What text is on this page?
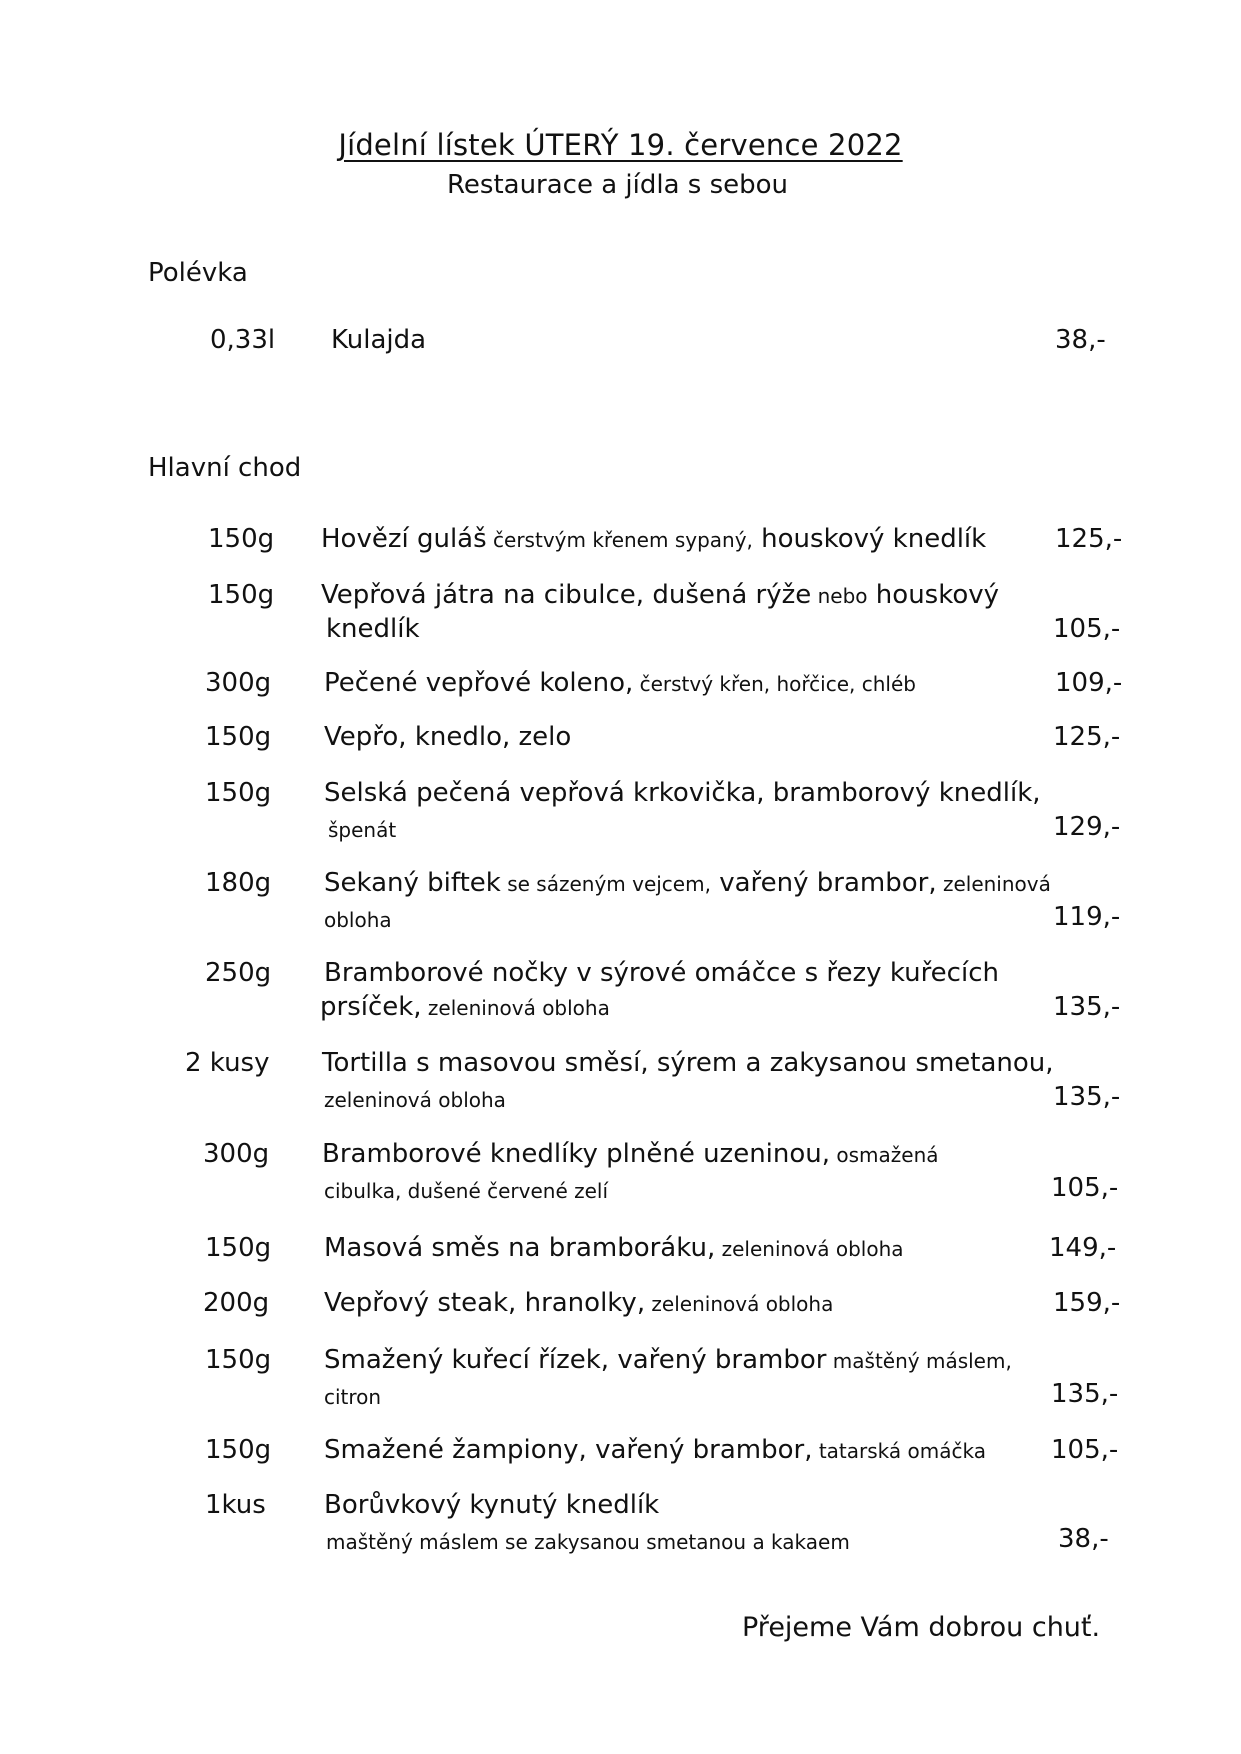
Jídelní lístek ÚTERÝ 19. července 2022
Restaurace a jídla s sebou
Polévka
0,33l Kulajda	38,-
Hlavní chod
150g Hovězí guláš čerstvým křenem sypaný, houskový knedlík	125,-
150g Vepřová játra na cibulce, dušená rýže nebo houskový
knedlík	105,-
300g Pečené vepřové koleno, čerstvý křen, hořčice, chléb	109,-
150g Vepřo, knedlo, zelo	125,-
150g Selská pečená vepřová krkovička, bramborový knedlík,
špenát	129,-
180g Sekaný biftek se sázeným vejcem, vařený brambor, zeleninová
obloha	119,-
250g Bramborové nočky v sýrové omáčce s řezy kuřecích
prsíček, zeleninová obloha	135,-
2 kusy Tortilla s masovou směsí, sýrem a zakysanou smetanou,
zeleninová obloha	135,-
300g Bramborové knedlíky plněné uzeninou, osmažená
cibulka, dušené červené zelí	105,-
150g Masová směs na bramboráku, zeleninová obloha	149,-
200g Vepřový steak, hranolky, zeleninová obloha	159,-
150g Smažený kuřecí řízek, vařený brambor maštěný máslem,
citron	135,-
150g Smažené žampiony, vařený brambor, tatarská omáčka	105,-
1kus Borůvkový kynutý knedlík
maštěný máslem se zakysanou smetanou a kakaem	38,-
Přejeme Vám dobrou chuť.
